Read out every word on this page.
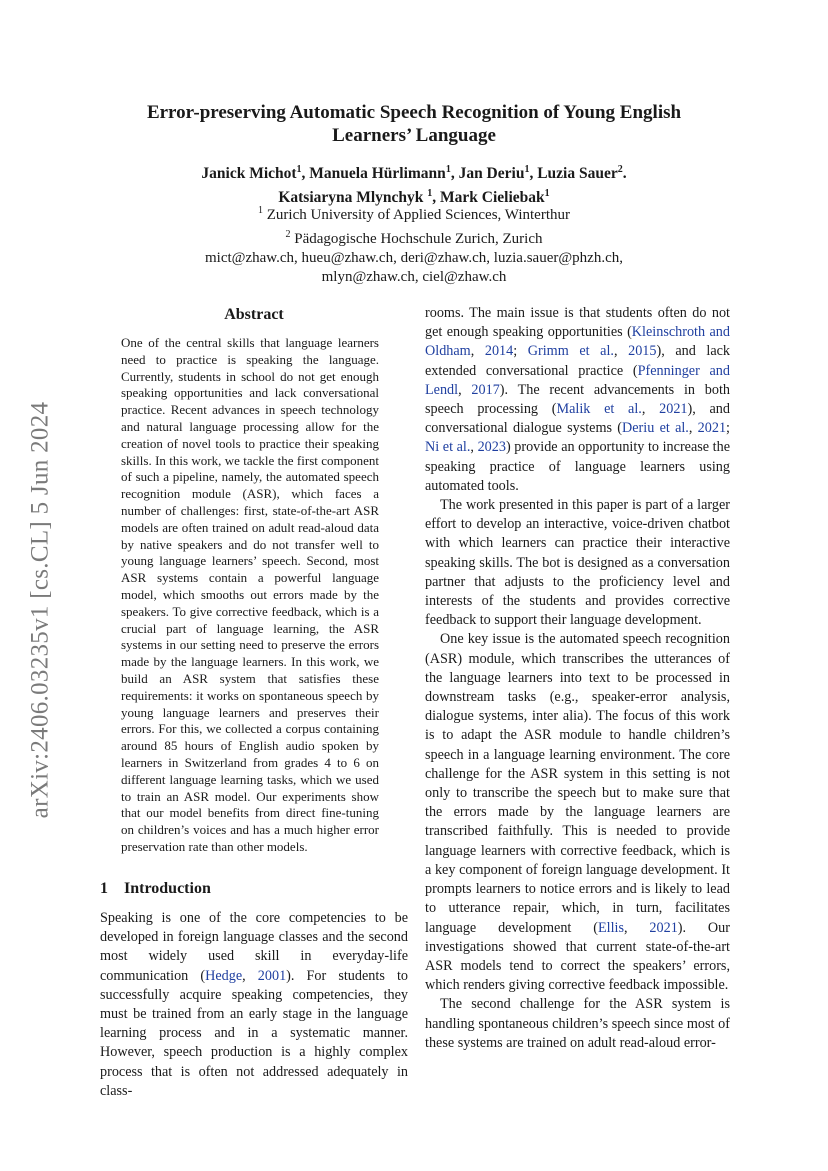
arXiv:2406.03235v1 [cs.CL] 5 Jun 2024
Error-preserving Automatic Speech Recognition of Young English
Learners’ Language
Janick Michot$^1$, Manuela Hürlimann$^1$, Jan Deriu$^1$, Luzia Sauer$^2$.
Katsiaryna Mlynchyk $^1$, Mark Cieliebak$^1$
$^1$ Zurich University of Applied Sciences, Winterthur
$^2$ Pädagogische Hochschule Zurich, Zurich
mict@zhaw.ch, hueu@zhaw.ch, deri@zhaw.ch, luzia.sauer@phzh.ch,
mlyn@zhaw.ch, ciel@zhaw.ch
Abstract

One of the central skills that language learners need to practice is speaking the language. Currently, students in school do not get enough speaking opportunities and lack conversational practice. Recent advances in speech technology and natural language processing allow for the creation of novel tools to practice their speaking skills. In this work, we tackle the first component of such a pipeline, namely, the automated speech recognition module (ASR), which faces a number of challenges: first, state-of-the-art ASR models are often trained on adult read-aloud data by native speakers and do not transfer well to young language learners’ speech. Second, most ASR systems contain a powerful language model, which smooths out errors made by the speakers. To give corrective feedback, which is a crucial part of language learning, the ASR systems in our setting need to preserve the errors made by the language learners. In this work, we build an ASR system that satisfies these requirements: it works on spontaneous speech by young language learners and preserves their errors. For this, we collected a corpus containing around 85 hours of English audio spoken by learners in Switzerland from grades 4 to 6 on different language learning tasks, which we used to train an ASR model. Our experiments show that our model benefits from direct fine-tuning on children’s voices and has a much higher error preservation rate than other models.

1 Introduction

Speaking is one of the core competencies to be developed in foreign language classes and the second most widely used skill in everyday-life communication (Hedge, 2001). For students to successfully acquire speaking competencies, they must be trained from an early stage in the language learning process and in a systematic manner. However, speech production is a highly complex process that is often not addressed adequately in class-

rooms. The main issue is that students often do not get enough speaking opportunities (Kleinschroth and Oldham, 2014; Grimm et al., 2015), and lack extended conversational practice (Pfenninger and Lendl, 2017). The recent advancements in both speech processing (Malik et al., 2021), and conversational dialogue systems (Deriu et al., 2021; Ni et al., 2023) provide an opportunity to increase the speaking practice of language learners using automated tools.

The work presented in this paper is part of a larger effort to develop an interactive, voice-driven chatbot with which learners can practice their interactive speaking skills. The bot is designed as a conversation partner that adjusts to the proficiency level and interests of the students and provides corrective feedback to support their language development.

One key issue is the automated speech recognition (ASR) module, which transcribes the utterances of the language learners into text to be processed in downstream tasks (e.g., speaker-error analysis, dialogue systems, inter alia). The focus of this work is to adapt the ASR module to handle children’s speech in a language learning environment. The core challenge for the ASR system in this setting is not only to transcribe the speech but to make sure that the errors made by the language learners are transcribed faithfully. This is needed to provide language learners with corrective feedback, which is a key component of foreign language development. It prompts learners to notice errors and is likely to lead to utterance repair, which, in turn, facilitates language development (Ellis, 2021). Our investigations showed that current state-of-the-art ASR models tend to correct the speakers’ errors, which renders giving corrective feedback impossible.

The second challenge for the ASR system is handling spontaneous children’s speech since most of these systems are trained on adult read-aloud error-
